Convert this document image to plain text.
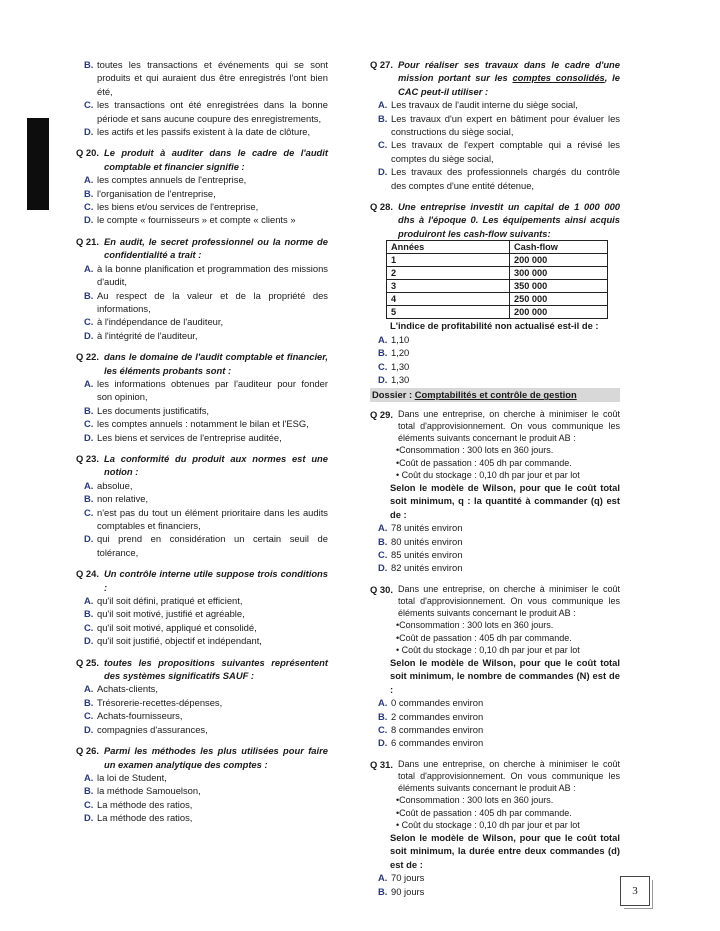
B. toutes les transactions et événements qui se sont produits et qui auraient dus être enregistrés l'ont bien été,
C. les transactions ont été enregistrées dans la bonne période et sans aucune coupure des enregistrements,
D. les actifs et les passifs existent à la date de clôture,
Q 20. Le produit à auditer dans le cadre de l'audit comptable et financier signifie :
A. les comptes annuels de l'entreprise,
B. l'organisation de l'entreprise,
C. les biens et/ou services de l'entreprise,
D. le compte « fournisseurs » et compte « clients »
Q 21. En audit, le secret professionnel ou la norme de confidentialité a trait :
A. à la bonne planification et programmation des missions d'audit,
B. Au respect de la valeur et de la propriété des informations,
C. à l'indépendance de l'auditeur,
D. à l'intégrité de l'auditeur,
Q 22. dans le domaine de l'audit comptable et financier, les éléments probants sont :
A. les informations obtenues par l'auditeur pour fonder son opinion,
B. Les documents justificatifs,
C. les comptes annuels : notamment le bilan et l'ESG,
D. Les biens et services de l'entreprise auditée,
Q 23. La conformité du produit aux normes est une notion :
A. absolue,
B. non relative,
C. n'est pas du tout un élément prioritaire dans les audits comptables et financiers,
D. qui prend en considération un certain seuil de tolérance,
Q 24. Un contrôle interne utile suppose trois conditions :
A. qu'il soit défini, pratiqué et efficient,
B. qu'il soit motivé, justifié et agréable,
C. qu'il soit motivé, appliqué et consolidé,
D. qu'il soit justifié, objectif et indépendant,
Q 25. toutes les propositions suivantes représentent des systèmes significatifs SAUF :
A. Achats-clients,
B. Trésorerie-recettes-dépenses,
C. Achats-fournisseurs,
D. compagnies d'assurances,
Q 26. Parmi les méthodes les plus utilisées pour faire un examen analytique des comptes :
A. la loi de Student,
B. la méthode Samouelson,
C. La méthode des ratios,
D. La méthode des ratios,
Q 27. Pour réaliser ses travaux dans le cadre d'une mission portant sur les comptes consolidés, le CAC peut-il utiliser :
A. Les travaux de l'audit interne du siège social,
B. Les travaux d'un expert en bâtiment pour évaluer les constructions du siège social,
C. Les travaux de l'expert comptable qui a révisé les comptes du siège social,
D. Les travaux des professionnels chargés du contrôle des comptes d'une entité détenue,
Q 28. Une entreprise investit un capital de 1 000 000 dhs à l'époque 0. Les équipements ainsi acquis produiront les cash-flow suivants:
Années	Cash-flow
1	200 000
2	300 000
3	350 000
4	250 000
5	200 000
L'indice de profitabilité non actualisé est-il de :
A. 1,10
B. 1,20
C. 1,30
D. 1,30
Dossier : Comptabilités et contrôle de gestion
Q 29. Dans une entreprise, on cherche à minimiser le coût total d'approvisionnement. On vous communique les éléments suivants concernant le produit AB :
•Consommation : 300 lots en 360 jours.
•Coût de passation : 405 dh par commande.
• Coût du stockage : 0,10 dh par jour et par lot
Selon le modèle de Wilson, pour que le coût total soit minimum, q : la quantité à commander (q) est de :
A. 78 unités environ
B. 80 unités environ
C. 85 unités environ
D. 82 unités environ
Q 30. Dans une entreprise, on cherche à minimiser le coût total d'approvisionnement. On vous communique les éléments suivants concernant le produit AB :
•Consommation : 300 lots en 360 jours.
•Coût de passation : 405 dh par commande.
• Coût du stockage : 0,10 dh par jour et par lot
Selon le modèle de Wilson, pour que le coût total soit minimum, le nombre de commandes (N) est de :
A. 0 commandes environ
B. 2 commandes environ
C. 8 commandes environ
D. 6 commandes environ
Q 31. Dans une entreprise, on cherche à minimiser le coût total d'approvisionnement. On vous communique les éléments suivants concernant le produit AB :
•Consommation : 300 lots en 360 jours.
•Coût de passation : 405 dh par commande.
• Coût du stockage : 0,10 dh par jour et par lot
Selon le modèle de Wilson, pour que le coût total soit minimum, la durée entre deux commandes (d) est de :
A. 70 jours
B. 90 jours	3
